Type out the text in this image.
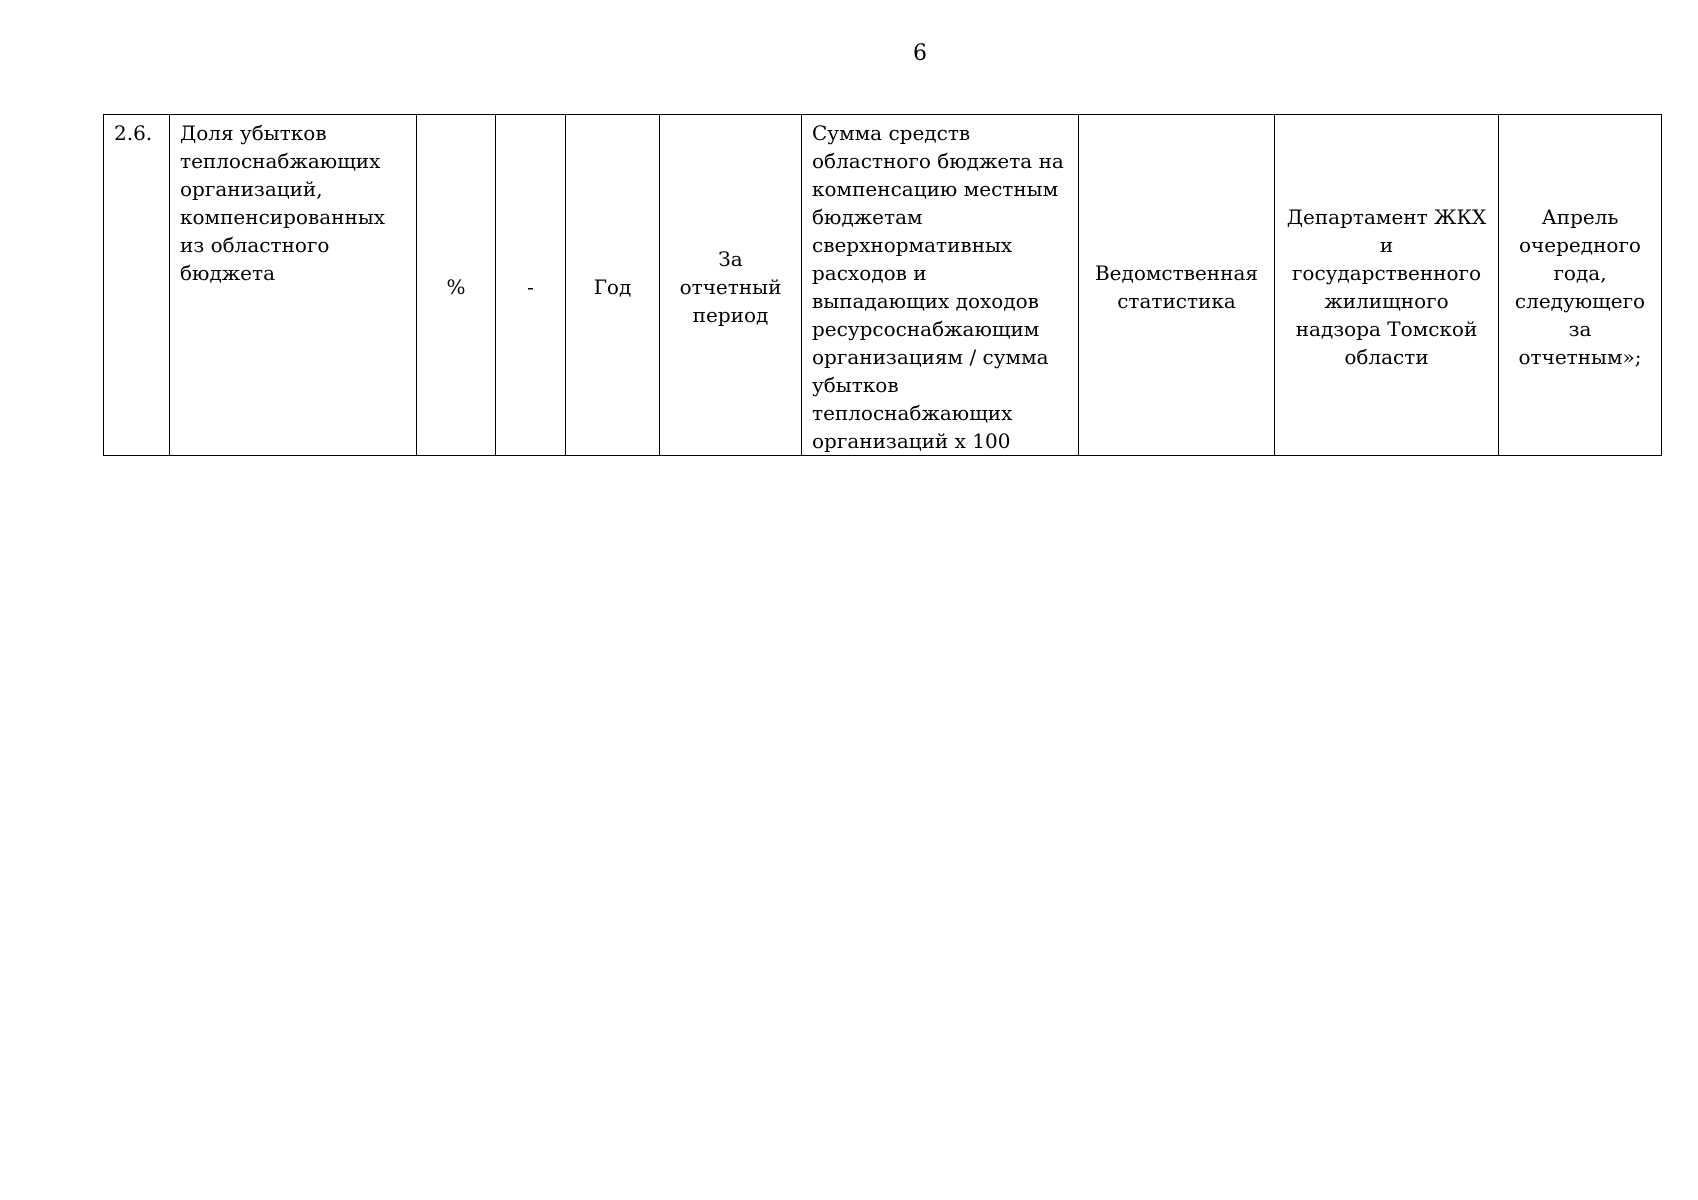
6
2.6.	Доля убытков теплоснабжающих организаций, компенсированных из областного бюджета	%	-	Год	За отчетный период	Сумма средств областного бюджета на компенсацию местным бюджетам сверхнормативных расходов и выпадающих доходов ресурсоснабжающим организациям / сумма убытков теплоснабжающих организаций х 100	Ведомственная статистика	Департамент ЖКХ и государственного жилищного надзора Томской области	Апрель очередного года, следующего за отчетным»;
